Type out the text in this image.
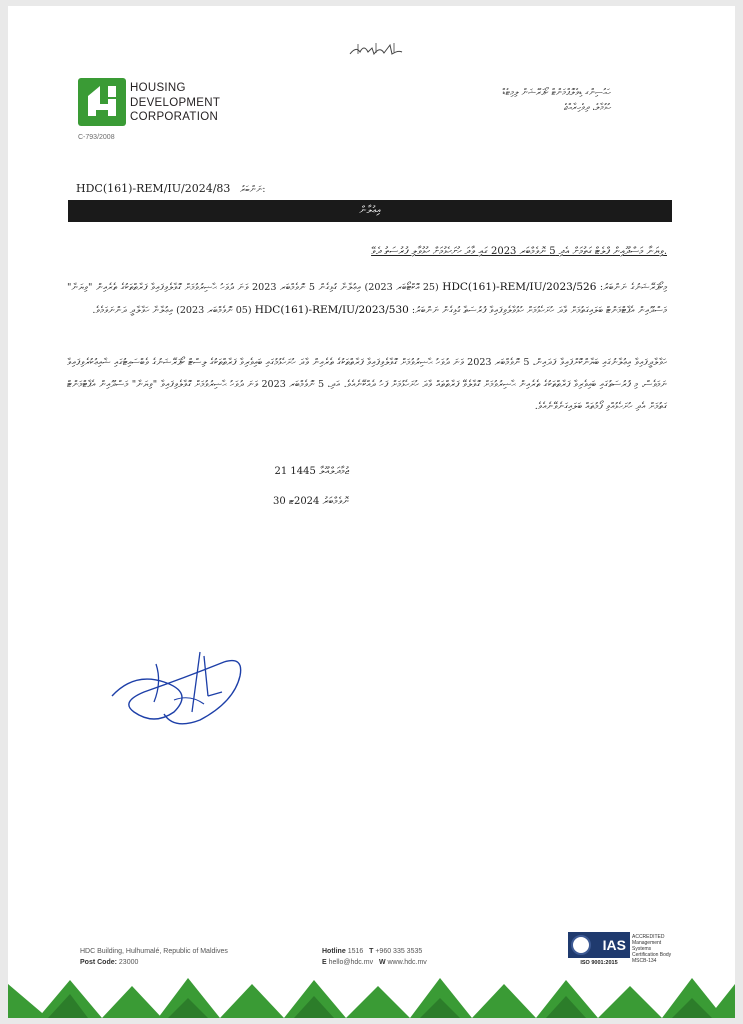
HOUSING
DEVELOPMENT
CORPORATION
C-793/2008
ހައުސިންގ ޑިވެލޮޕްމަންޓް ކޯޕަރޭޝަން ލިމިޓެޑް
ހުޅުމާލެ، ދިވެހިރާއްޖެ
HDC(161)-REM/IU/2024/83 ނަންބަރު:
އިޢުލާން
ވިޔަނާ މަސްދޫއިން ފްލެޓް ގަތުމަށް އެދި 5 ނޮވެމްބަރ 2023 ގައި ވާދަ ހުށަހެޅުމަށް ހުޅުވާލި ފުރުސަތު ދެވޭ.
މިކޯޕަރޭޝަނުގެ ނަންބަރު: HDC(161)-REM/IU/2023/526 (25 އޮކްޓޯބަރ 2023) އިޢުލާނާ ގުޅިގެން 5 ނޮވެމްބަރ 2023 ވަނަ ދުވަހު ޙާޟިރުވުމަށް ގޮވާލެވިފައިވާ ފަރާތްތަކުގެ ތެރެއިން "ވިޔަނާ" މަސްދޫއިން އެޕާޓްމަންޓް ބަލައިގަތުމަށް ވާދަ ހުށަހެޅުމަށް ހުޅުވާލެވިފައިވާ ފުރުސަތާ ގުޅިގެން ނަންބަރު: HDC(161)-REM/IU/2023/530 (05 ނޮވެމްބަރ 2023) އިޢުލާނާ ހަވާލާދީ ދަންނަވަމެވެ.
ހަވާލާދީފައިވާ އިޢުލާނުގައި ބަޔާންކޮށްފައިވާ ފަދައިން، 5 ނޮވެމްބަރ 2023 ވަނަ ދުވަހު ޙާޟިރުވުމަށް ގޮވާލެވިފައިވާ ފަރާތްތަކުގެ ތެރެއިން ވާދަ ހުށަހެޅުމުގައި ބައިވެރިވާ ފަރާތްތަކުގެ ލިސްޓް ކޯޕަރޭޝަނުގެ ވެބްސައިޓުގައި ޝާއިޢުކުރެވިފައިވާ ނަމަވެސް، މި ފުރުސަތުގައި ބައިވެރިވާ ފަރާތްތަކުގެ ތެރެއިން ޙާޟިރުވުމަށް ގޮވާލެވޭ ފަރާތްތައް ވާދަ ހުށަހެޅުމަށް ފަހު ދެއްކޭނެއެވެ. އަދި، 5 ނޮވެމްބަރ 2023 ވަނަ ދުވަހު ޙާޟިރުވުމަށް ގޮވާލެވިފައިވާ "ވިޔަނާ" މަސްދޫއިން އެޕާޓްމަންޓް ގަތުމަށް އެދި ހުށަހެޅުއްވި ފޯމުތައް ބަލައިގަނެވޭނެއެވެ.
21 ޖުމާދަލްއޫލާ 1445
30 ނޮވެމްބަރު 2024ޓ
HDC Building, Hulhumalé, Republic of Maldives
Post Code: 23000
Hotline 1516 T +960 335 3535
E hello@hdc.mv W www.hdc.mv
IAS	ACCREDITED
Management Systems
Certification Body
MSCB-134
ISO 9001:2015
